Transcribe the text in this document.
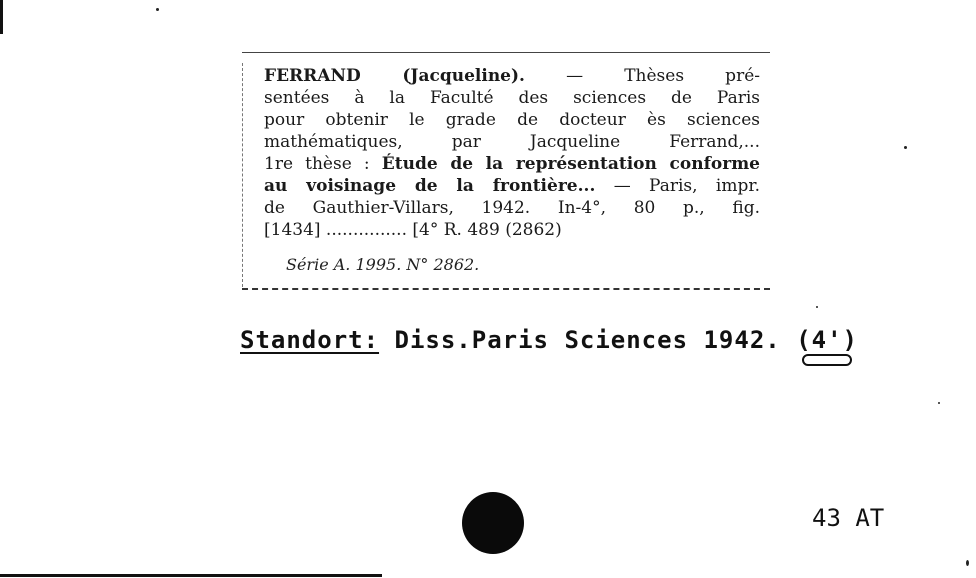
FERRAND (Jacqueline). — Thèses pré-
sentées à la Faculté des sciences de Paris
pour obtenir le grade de docteur ès sciences
mathématiques, par Jacqueline Ferrand,...
1re thèse : Étude de la représentation conforme
au voisinage de la frontière... — Paris, impr.
de Gauthier-Villars, 1942. In-4°, 80 p., fig.
[1434] ............... [4° R. 489 (2862)
Série A. 1995. N° 2862.
Standort: Diss.Paris Sciences 1942. (4')
43 AT
